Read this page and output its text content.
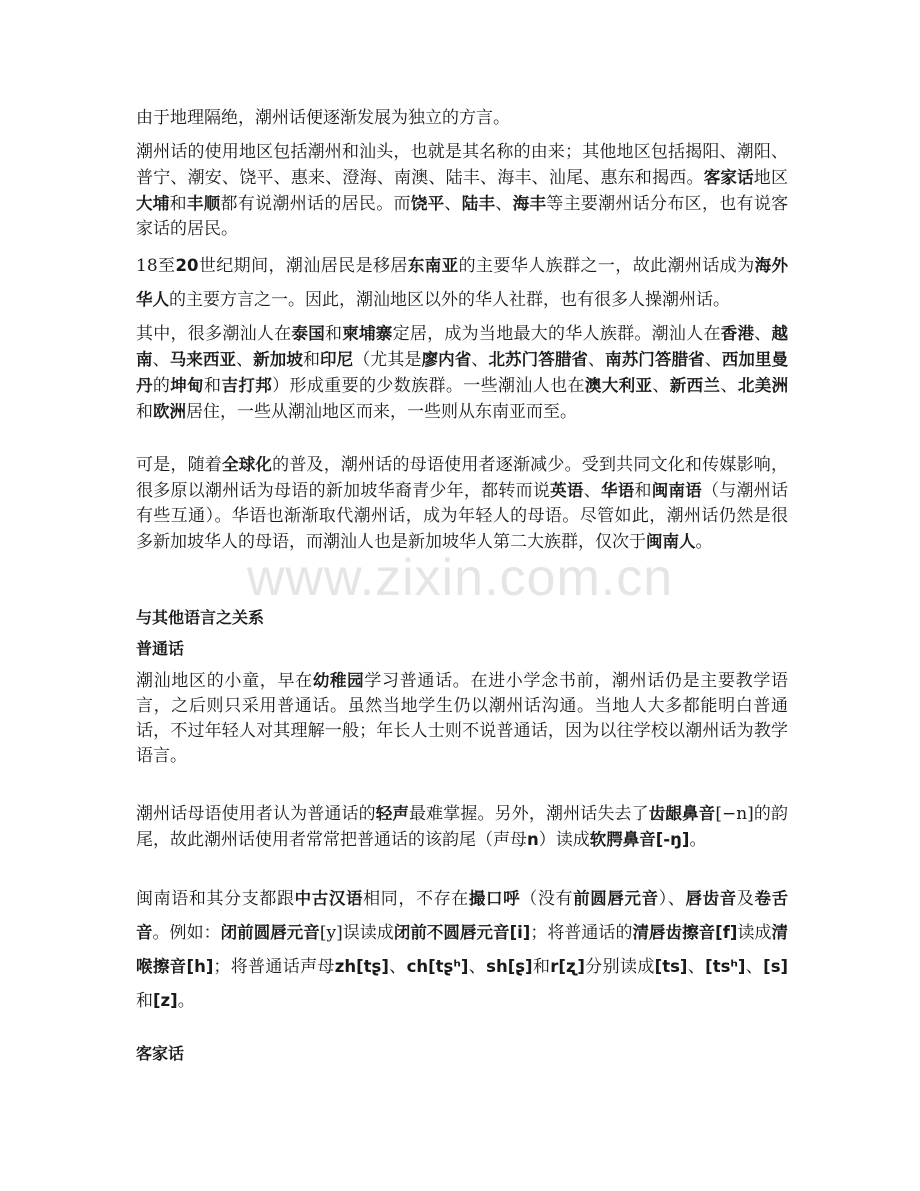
由于地理隔绝，潮州话便逐渐发展为独立的方言。

潮州话的使用地区包括潮州和汕头，也就是其名称的由来；其他地区包括揭阳、潮阳、普宁、潮安、饶平、惠来、澄海、南澳、陆丰、海丰、汕尾、惠东和揭西。客家话地区大埔和丰顺都有说潮州话的居民。而饶平、陆丰、海丰等主要潮州话分布区，也有说客家话的居民。

18至20世纪期间，潮汕居民是移居东南亚的主要华人族群之一，故此潮州话成为海外华人的主要方言之一。因此，潮汕地区以外的华人社群，也有很多人操潮州话。

其中，很多潮汕人在泰国和柬埔寨定居，成为当地最大的华人族群。潮汕人在香港、越南、马来西亚、新加坡和印尼（尤其是廖内省、北苏门答腊省、南苏门答腊省、西加里曼丹的坤甸和吉打邦）形成重要的少数族群。一些潮汕人也在澳大利亚、新西兰、北美洲和欧洲居住，一些从潮汕地区而来，一些则从东南亚而至。

可是，随着全球化的普及，潮州话的母语使用者逐渐减少。受到共同文化和传媒影响，很多原以潮州话为母语的新加坡华裔青少年，都转而说英语、华语和闽南语（与潮州话有些互通）。华语也渐渐取代潮州话，成为年轻人的母语。尽管如此，潮州话仍然是很多新加坡华人的母语，而潮汕人也是新加坡华人第二大族群，仅次于闽南人。

www.zixin.com.cn
与其他语言之关系
普通话

潮汕地区的小童，早在幼稚园学习普通话。在进小学念书前，潮州话仍是主要教学语言，之后则只采用普通话。虽然当地学生仍以潮州话沟通。当地人大多都能明白普通话，不过年轻人对其理解一般；年长人士则不说普通话，因为以往学校以潮州话为教学语言。

潮州话母语使用者认为普通话的轻声最难掌握。另外，潮州话失去了齿龈鼻音[−n]的韵尾，故此潮州话使用者常常把普通话的该韵尾（声母n）读成软腭鼻音[-ŋ]。

闽南语和其分支都跟中古汉语相同，不存在撮口呼（没有前圆唇元音）、唇齿音及卷舌音。例如：闭前圆唇元音[y]误读成闭前不圆唇元音[i]；将普通话的清唇齿擦音[f]读成清喉擦音[h]；将普通话声母zh[tʂ]、ch[tʂʰ]、sh[ʂ]和r[ʐ]分别读成[ts]、[tsʰ]、[s]和[z]。

客家话
